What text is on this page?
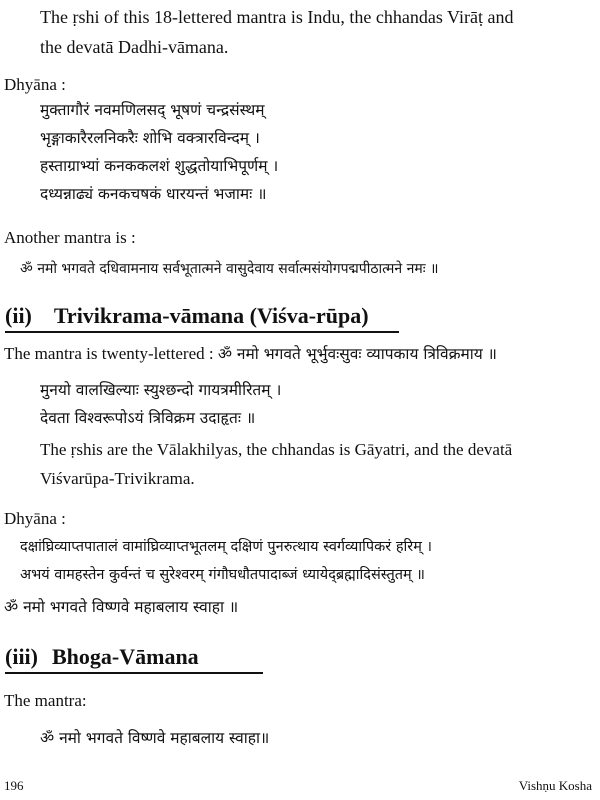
The ṛshi of this 18-lettered mantra is Indu, the chhandas Virāṭ and
the devatā Dadhi-vāmana.
Dhyāna :
मुक्तागौरं नवमणिलसद् भूषणं चन्द्रसंस्थम्
भृङ्गाकारैरलनिकरैः शोभि वक्त्रारविन्दम् ।
हस्ताग्राभ्यां कनककलशं शुद्धतोयाभिपूर्णम् ।
दध्यन्नाढ्यं कनकचषकं धारयन्तं भजामः ॥
Another mantra is :
ॐ नमो भगवते दधिवामनाय सर्वभूतात्मने वासुदेवाय सर्वात्मसंयोगपद्मपीठात्मने नमः ॥
(ii) Trivikrama-vāmana (Viśva-rūpa)
The mantra is twenty-lettered : ॐ नमो भगवते भूर्भुवःसुवः व्यापकाय त्रिविक्रमाय ॥
मुनयो वालखिल्याः स्युश्छन्दो गायत्रमीरितम् ।
देवता विश्वरूपोऽयं त्रिविक्रम उदाहृतः ॥
The ṛshis are the Vālakhilyas, the chhandas is Gāyatri, and the devatā
Viśvarūpa-Trivikrama.
Dhyāna :
दक्षांघ्रिव्याप्तपातालं वामांघ्रिव्याप्तभूतलम् दक्षिणं पुनरुत्थाय स्वर्गव्यापिकरं हरिम् ।
अभयं वामहस्तेन कुर्वन्तं च सुरेश्वरम् गंगौघधौतपादाब्जं ध्यायेद्ब्रह्मादिसंस्तुतम् ॥
ॐ नमो भगवते विष्णवे महाबलाय स्वाहा ॥
(iii) Bhoga-Vāmana
The mantra:
ॐ नमो भगवते विष्णवे महाबलाय स्वाहा॥
196	Vishṇu Kosha
